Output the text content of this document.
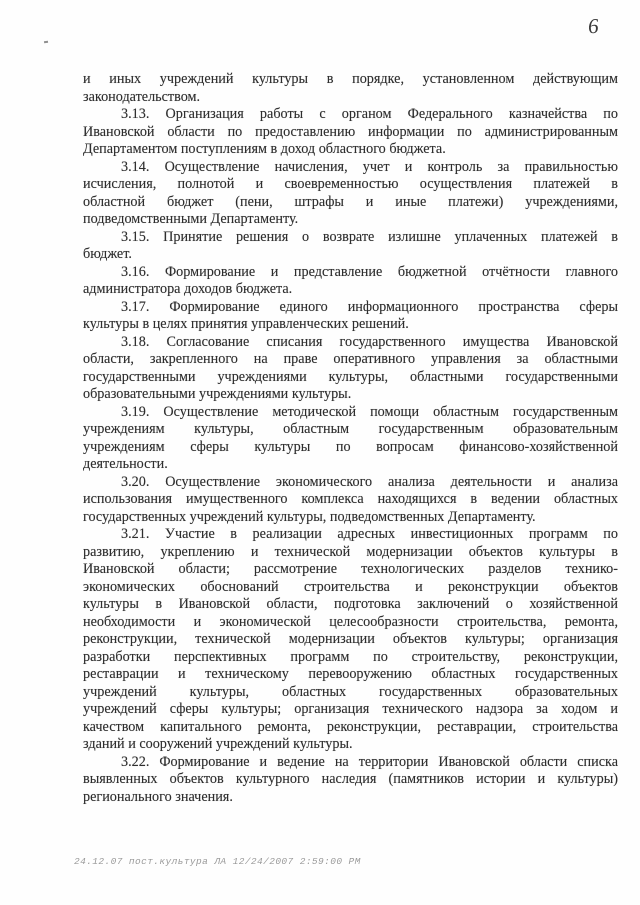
6
и иных учреждений культуры в порядке, установленном действующим
законодательством.
3.13. Организация работы с органом Федерального казначейства по
Ивановской области по предоставлению информации по администрированным
Департаментом поступлениям в доход областного бюджета.
3.14. Осуществление начисления, учет и контроль за правильностью
исчисления, полнотой и своевременностью осуществления платежей в
областной бюджет (пени, штрафы и иные платежи) учреждениями,
подведомственными Департаменту.
3.15. Принятие решения о возврате излишне уплаченных платежей в
бюджет.
3.16. Формирование и представление бюджетной отчётности главного
администратора доходов бюджета.
3.17. Формирование единого информационного пространства сферы
культуры в целях принятия управленческих решений.
3.18. Согласование списания государственного имущества Ивановской
области, закрепленного на праве оперативного управления за областными
государственными учреждениями культуры, областными государственными
образовательными учреждениями культуры.
3.19. Осуществление методической помощи областным государственным
учреждениям культуры, областным государственным образовательным
учреждениям сферы культуры по вопросам финансово-хозяйственной
деятельности.
3.20. Осуществление экономического анализа деятельности и анализа
использования имущественного комплекса находящихся в ведении областных
государственных учреждений культуры, подведомственных Департаменту.
3.21. Участие в реализации адресных инвестиционных программ по
развитию, укреплению и технической модернизации объектов культуры в
Ивановской области; рассмотрение технологических разделов технико-
экономических обоснований строительства и реконструкции объектов
культуры в Ивановской области, подготовка заключений о хозяйственной
необходимости и экономической целесообразности строительства, ремонта,
реконструкции, технической модернизации объектов культуры; организация
разработки перспективных программ по строительству, реконструкции,
реставрации и техническому перевооружению областных государственных
учреждений культуры, областных государственных образовательных
учреждений сферы культуры; организация технического надзора за ходом и
качеством капитального ремонта, реконструкции, реставрации, строительства
зданий и сооружений учреждений культуры.
3.22. Формирование и ведение на территории Ивановской области списка
выявленных объектов культурного наследия (памятников истории и культуры)
регионального значения.
24.12.07 пост.культура ЛА 12/24/2007 2:59:00 PM
